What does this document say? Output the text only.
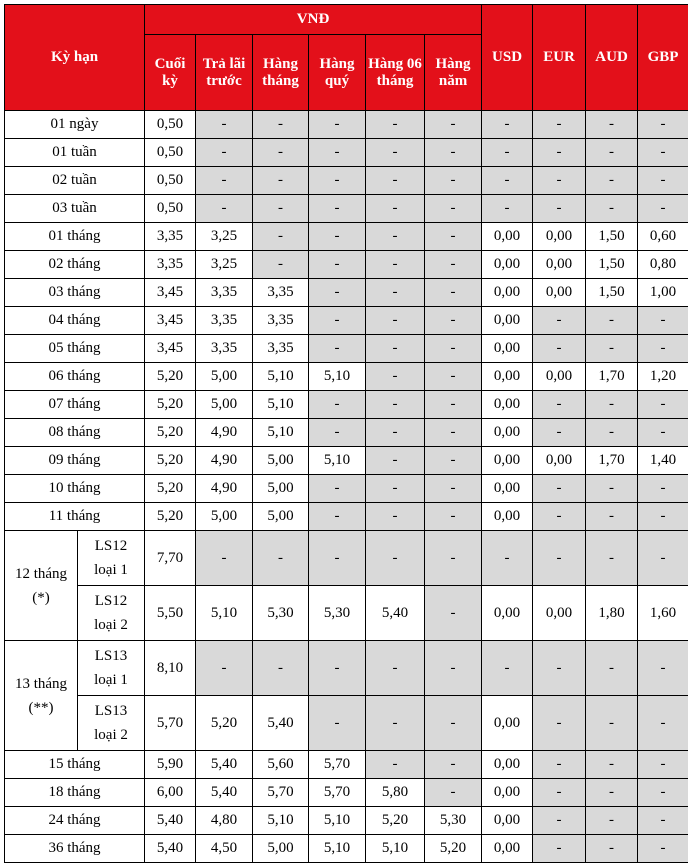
Kỳ hạn		VNĐ						USD	EUR	AUD	GBP
		Cuối kỳ	Trả lãi trước	Hàng tháng	Hàng quý	Hàng 06 tháng	Hàng năm				
01 ngày		0,50	-	-	-	-	-	-	-	-	-
01 tuần		0,50	-	-	-	-	-	-	-	-	-
02 tuần		0,50	-	-	-	-	-	-	-	-	-
03 tuần		0,50	-	-	-	-	-	-	-	-	-
01 tháng		3,35	3,25	-	-	-	-	0,00	0,00	1,50	0,60
02 tháng		3,35	3,25	-	-	-	-	0,00	0,00	1,50	0,80
03 tháng		3,45	3,35	3,35	-	-	-	0,00	0,00	1,50	1,00
04 tháng		3,45	3,35	3,35	-	-	-	0,00	-	-	-
05 tháng		3,45	3,35	3,35	-	-	-	0,00	-	-	-
06 tháng		5,20	5,00	5,10	5,10	-	-	0,00	0,00	1,70	1,20
07 tháng		5,20	5,00	5,10	-	-	-	0,00	-	-	-
08 tháng		5,20	4,90	5,10	-	-	-	0,00	-	-	-
09 tháng		5,20	4,90	5,00	5,10	-	-	0,00	0,00	1,70	1,40
10 tháng		5,20	4,90	5,00	-	-	-	0,00	-	-	-
11 tháng		5,20	5,00	5,00	-	-	-	0,00	-	-	-
12 tháng (*)	LS12 loại 1	7,70	-	-	-	-	-	-	-	-	-
	LS12 loại 2	5,50	5,10	5,30	5,30	5,40	-	0,00	0,00	1,80	1,60
13 tháng (**)	LS13 loại 1	8,10	-	-	-	-	-	-	-	-	-
	LS13 loại 2	5,70	5,20	5,40	-	-	-	0,00	-	-	-
15 tháng		5,90	5,40	5,60	5,70	-	-	0,00	-	-	-
18 tháng		6,00	5,40	5,70	5,70	5,80	-	0,00	-	-	-
24 tháng		5,40	4,80	5,10	5,10	5,20	5,30	0,00	-	-	-
36 tháng		5,40	4,50	5,00	5,10	5,10	5,20	0,00	-	-	-
